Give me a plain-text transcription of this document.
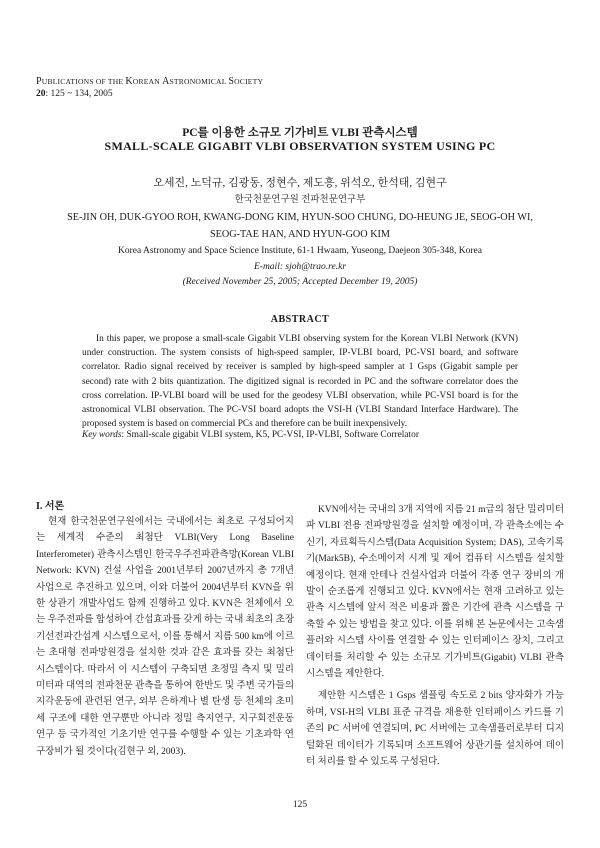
PUBLICATIONS OF THE KOREAN ASTRONOMICAL SOCIETY
20: 125 ~ 134, 2005
PC를 이용한 소규모 기가비트 VLBI 관측시스템
SMALL-SCALE GIGABIT VLBI OBSERVATION SYSTEM USING PC
오세진, 노덕규, 김광동, 정현수, 제도흥, 위석오, 한석태, 김현구
한국천문연구원 전파천문연구부
SE-JIN OH, DUK-GYOO ROH, KWANG-DONG KIM, HYUN-SOO CHUNG, DO-HEUNG JE, SEOG-OH WI,
SEOG-TAE HAN, AND HYUN-GOO KIM
Korea Astronomy and Space Science Institute, 61-1 Hwaam, Yuseong, Daejeon 305-348, Korea
E-mail: sjoh@trao.re.kr
(Received November 25, 2005; Accepted December 19, 2005)
ABSTRACT
In this paper, we propose a small-scale Gigabit VLBI observing system for the Korean VLBI Network (KVN) under construction. The system consists of high-speed sampler, IP-VLBI board, PC-VSI board, and software correlator. Radio signal received by receiver is sampled by high-speed sampler at 1 Gsps (Gigabit sample per second) rate with 2 bits quantization. The digitized signal is recorded in PC and the software correlator does the cross correlation. IP-VLBI board will be used for the geodesy VLBI observation, while PC-VSI board is for the astronomical VLBI observation. The PC-VSI board adopts the VSI-H (VLBI Standard Interface Hardware). The proposed system is based on commercial PCs and therefore can be built inexpensively.
Key words: Small-scale gigabit VLBI system, K5, PC-VSI, IP-VLBI, Software Correlator
I. 서론

현재 한국천문연구원에서는 국내에서는 최초로 구성되어지는 세계적 수준의 최첨단 VLBI(Very Long Baseline Interferometer) 관측시스템인 한국우주전파관측망(Korean VLBI Network: KVN) 건설 사업을 2001년부터 2007년까지 총 7개년 사업으로 추진하고 있으며, 이와 더불어 2004년부터 KVN을 위한 상관기 개발사업도 함께 진행하고 있다. KVN은 천체에서 오는 우주전파를 합성하여 간섭효과를 갖게 하는 국내 최초의 초장기선전파간섭계 시스템으로서, 이를 통해서 지름 500 km에 이르는 초대형 전파망원경을 설치한 것과 같은 효과를 갖는 최첨단 시스템이다. 따라서 이 시스템이 구축되면 초정밀 측지 및 밀리미터파 대역의 전파천문 관측을 통하여 한반도 및 주변 국가들의 지각운동에 관련된 연구, 외부 은하계나 별 탄생 등 천체의 초미세 구조에 대한 연구뿐만 아니라 정밀 측지연구, 지구회전운동 연구 등 국가적인 기초기반 연구를 수행할 수 있는 기초과학 연구장비가 될 것이다(김현구 외, 2003).

KVN에서는 국내의 3개 지역에 지름 21 m급의 첨단 밀리미터파 VLBI 전용 전파망원경을 설치할 예정이며, 각 관측소에는 수신기, 자료획득시스템(Data Acquisition System; DAS), 고속기록기(Mark5B), 수소메이저 시계 및 제어 컴퓨터 시스템을 설치할 예정이다. 현재 안테나 건설사업과 더불어 각종 연구 장비의 개발이 순조롭게 진행되고 있다. KVN에서는 현재 고려하고 있는 관측 시스템에 앞서 적은 비용과 짧은 기간에 관측 시스템을 구축할 수 있는 방법을 찾고 있다. 이를 위해 본 논문에서는 고속샘플러와 시스템 사이를 연결할 수 있는 인터페이스 장치, 그리고 데이터를 처리할 수 있는 소규모 기가비트(Gigabit) VLBI 관측 시스템을 제안한다.

제안한 시스템은 1 Gsps 샘플링 속도로 2 bits 양자화가 가능하며, VSI-H의 VLBI 표준 규격을 채용한 인터페이스 카드를 기존의 PC 서버에 연결되며, PC 서버에는 고속샘플러로부터 디지털화된 데이터가 기록되며 소프트웨어 상관기를 설치하여 데이터 처리를 할 수 있도록 구성된다.

125
